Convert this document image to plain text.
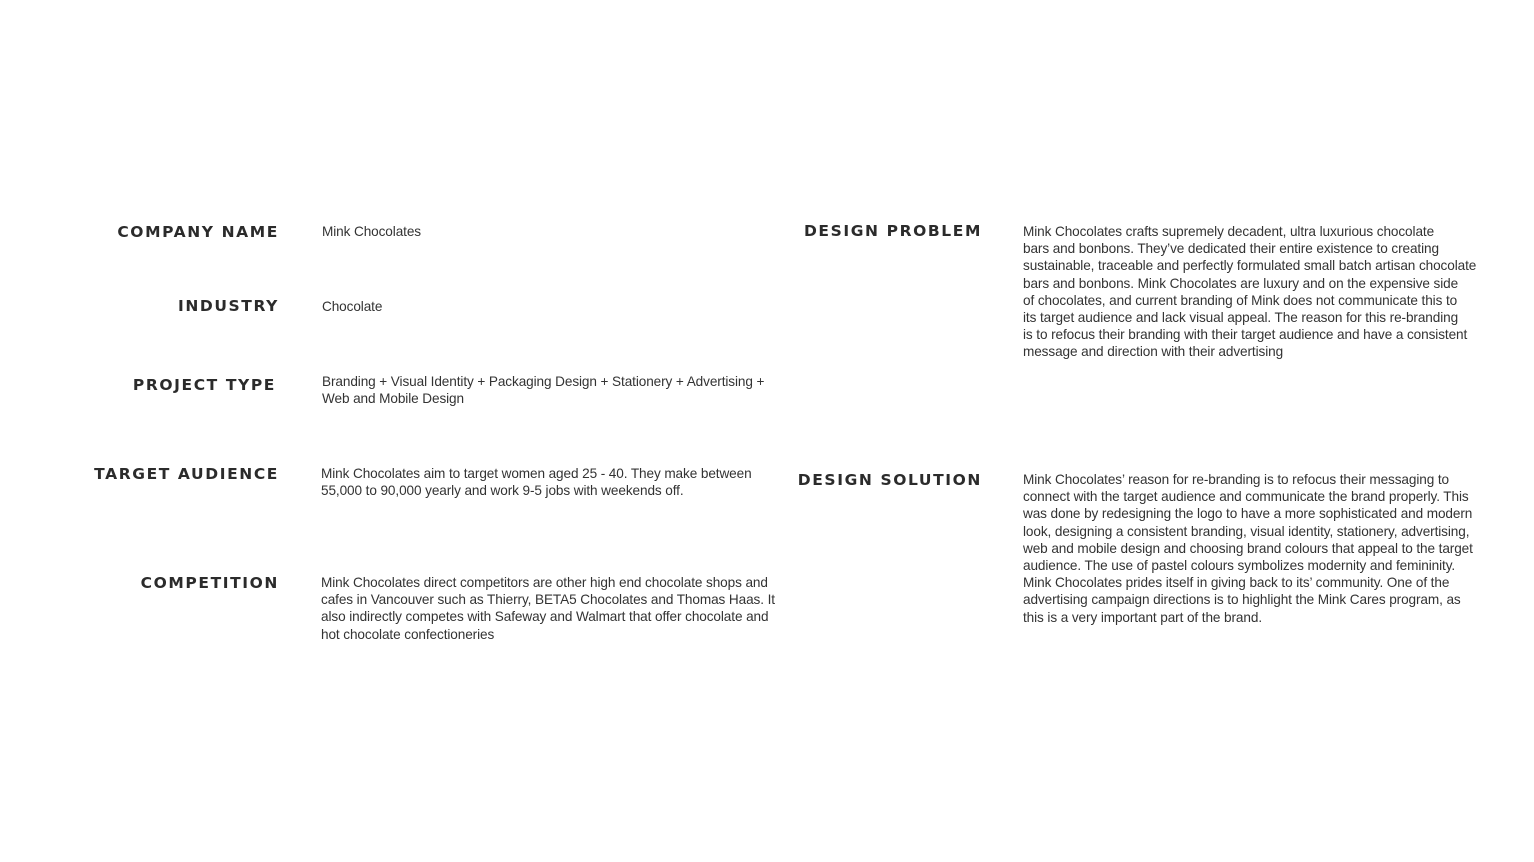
COMPANY NAME	Mink Chocolates
INDUSTRY	Chocolate
PROJECT TYPE	Branding + Visual Identity + Packaging Design + Stationery + Advertising +
Web and Mobile Design
TARGET AUDIENCE	Mink Chocolates aim to target women aged 25 - 40. They make between
55,000 to 90,000 yearly and work 9-5 jobs with weekends off.
COMPETITION	Mink Chocolates direct competitors are other high end chocolate shops and
cafes in Vancouver such as Thierry, BETA5 Chocolates and Thomas Haas. It
also indirectly competes with Safeway and Walmart that offer chocolate and
hot chocolate confectioneries
DESIGN PROBLEM	Mink Chocolates crafts supremely decadent, ultra luxurious chocolate
bars and bonbons. They’ve dedicated their entire existence to creating
sustainable, traceable and perfectly formulated small batch artisan chocolate
bars and bonbons. Mink Chocolates are luxury and on the expensive side
of chocolates, and current branding of Mink does not communicate this to
its target audience and lack visual appeal. The reason for this re-branding
is to refocus their branding with their target audience and have a consistent
message and direction with their advertising
DESIGN SOLUTION	Mink Chocolates’ reason for re-branding is to refocus their messaging to
connect with the target audience and communicate the brand properly. This
was done by redesigning the logo to have a more sophisticated and modern
look, designing a consistent branding, visual identity, stationery, advertising,
web and mobile design and choosing brand colours that appeal to the target
audience. The use of pastel colours symbolizes modernity and femininity.
Mink Chocolates prides itself in giving back to its’ community. One of the
advertising campaign directions is to highlight the Mink Cares program, as
this is a very important part of the brand.
